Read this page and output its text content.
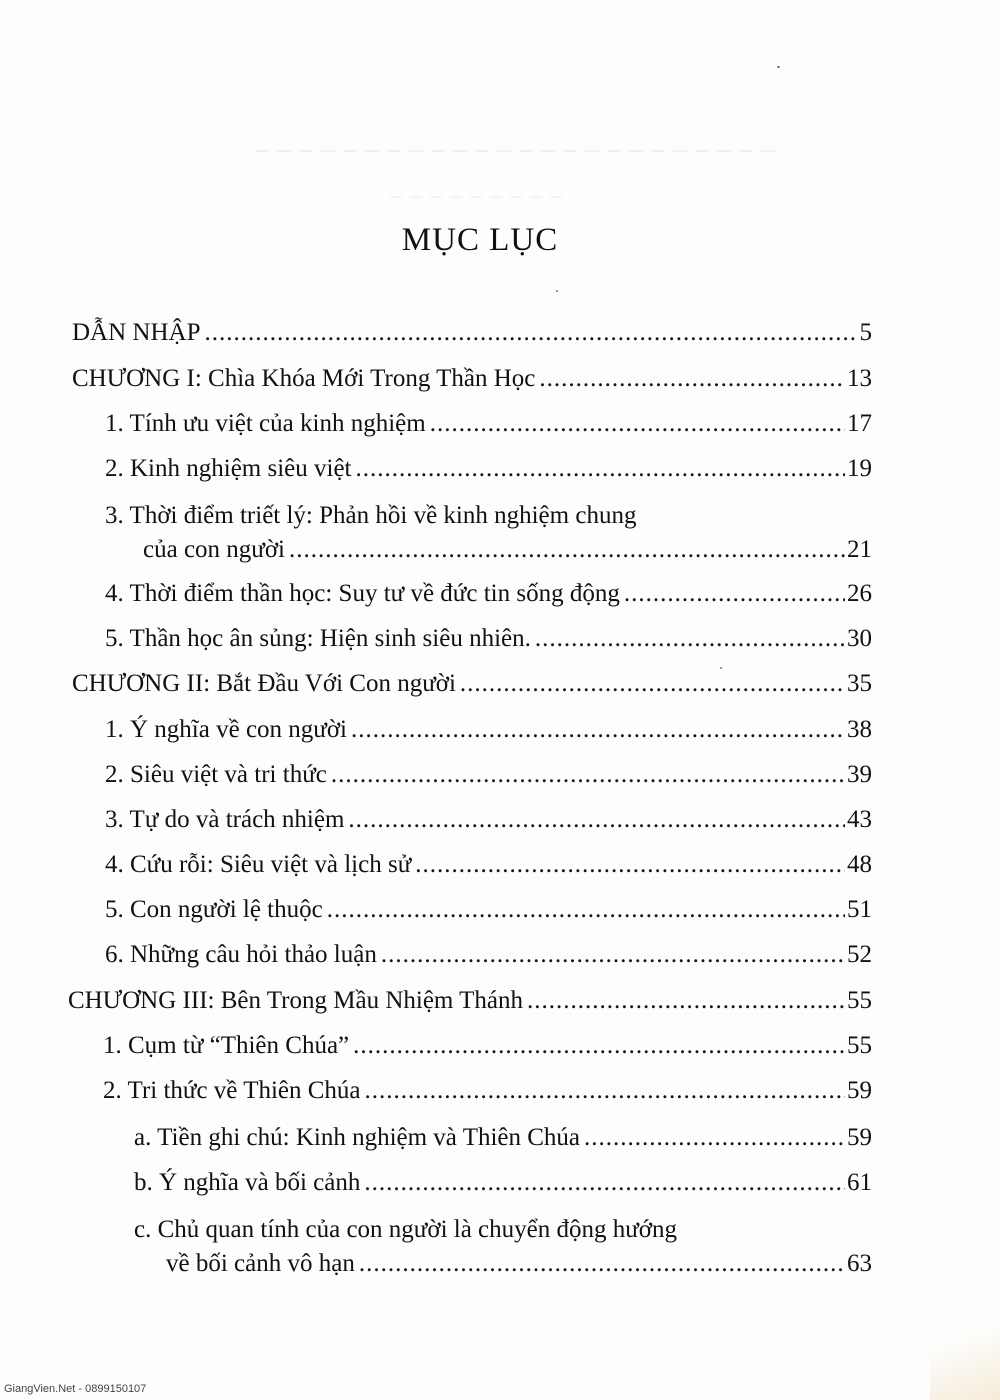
MỤC LỤC
DẪN NHẬP .....	5
CHƯƠNG I: Chìa Khóa Mới Trong Thần Học .....	13
1. Tính ưu việt của kinh nghiệm .....	17
2. Kinh nghiệm siêu việt .....	19
3. Thời điểm triết lý: Phản hồi về kinh nghiệm chung
của con người .....	21
4. Thời điểm thần học: Suy tư về đức tin sống động .....	26
5. Thần học ân sủng: Hiện sinh siêu nhiên. .....	30
CHƯƠNG II: Bắt Đầu Với Con người .....	35
1. Ý nghĩa về con người .....	38
2. Siêu việt và tri thức .....	39
3. Tự do và trách nhiệm .....	43
4. Cứu rỗi: Siêu việt và lịch sử .....	48
5. Con người lệ thuộc .....	51
6. Những câu hỏi thảo luận .....	52
CHƯƠNG III: Bên Trong Mầu Nhiệm Thánh .....	55
1. Cụm từ “Thiên Chúa” .....	55
2. Tri thức về Thiên Chúa .....	59
a. Tiền ghi chú: Kinh nghiệm và Thiên Chúa .....	59
b. Ý nghĩa và bối cảnh .....	61
c. Chủ quan tính của con người là chuyển động hướng
về bối cảnh vô hạn .....	63
GiangVien.Net - 0899150107
